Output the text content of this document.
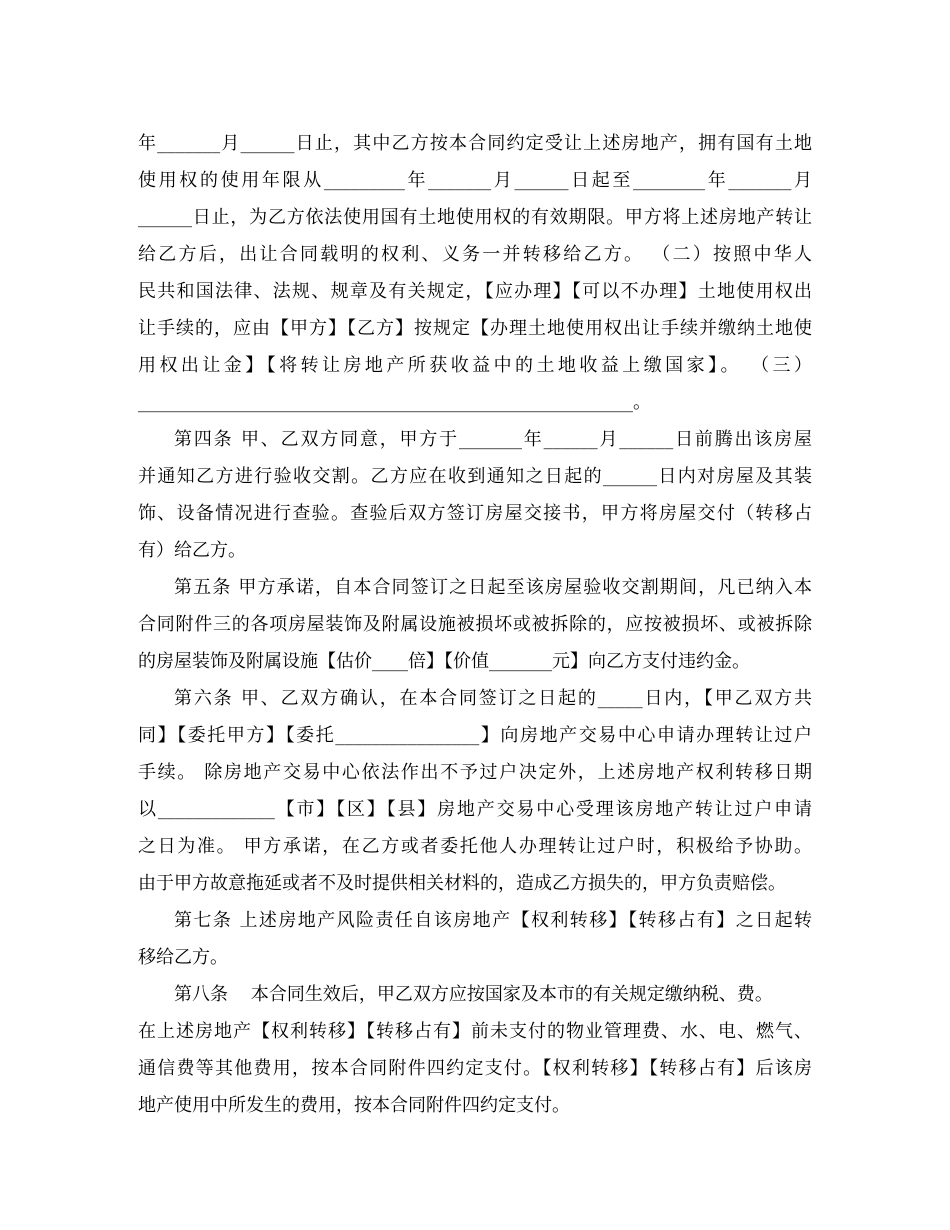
年_______月______日止，其中乙方按本合同约定受让上述房地产，拥有国有土地
使用权的使用年限从_________年_______月______日起至________年_______月
______日止，为乙方依法使用国有土地使用权的有效期限。甲方将上述房地产转让
给乙方后，出让合同载明的权利、义务一并转移给乙方。 （二）按照中华人
民共和国法律、法规、规章及有关规定，【应办理】【可以不办理】土地使用权出
让手续的，应由【甲方】【乙方】按规定【办理土地使用权出让手续并缴纳土地使
用权出让金】【将转让房地产所获收益中的土地收益上缴国家】。 （三）
_______________________________________________________。
第四条 甲、乙双方同意，甲方于_______年______月______日前腾出该房屋
并通知乙方进行验收交割。乙方应在收到通知之日起的______日内对房屋及其装
饰、设备情况进行查验。查验后双方签订房屋交接书，甲方将房屋交付（转移占
有）给乙方。
第五条 甲方承诺，自本合同签订之日起至该房屋验收交割期间，凡已纳入本
合同附件三的各项房屋装饰及附属设施被损坏或被拆除的，应按被损坏、或被拆除
的房屋装饰及附属设施【估价____倍】【价值_______元】向乙方支付违约金。
第六条 甲、乙双方确认，在本合同签订之日起的_____日内，【甲乙双方共
同】【委托甲方】【委托________________】向房地产交易中心申请办理转让过户
手续。 除房地产交易中心依法作出不予过户决定外，上述房地产权利转移日期
以_____________【市】【区】【县】房地产交易中心受理该房地产转让过户申请
之日为准。 甲方承诺，在乙方或者委托他人办理转让过户时，积极给予协助。
由于甲方故意拖延或者不及时提供相关材料的，造成乙方损失的，甲方负责赔偿。
第七条 上述房地产风险责任自该房地产【权利转移】【转移占有】之日起转
移给乙方。
第八条    本合同生效后，甲乙双方应按国家及本市的有关规定缴纳税、费。
在上述房地产【权利转移】【转移占有】前未支付的物业管理费、水、电、燃气、
通信费等其他费用，按本合同附件四约定支付。【权利转移】【转移占有】后该房
地产使用中所发生的费用，按本合同附件四约定支付。
